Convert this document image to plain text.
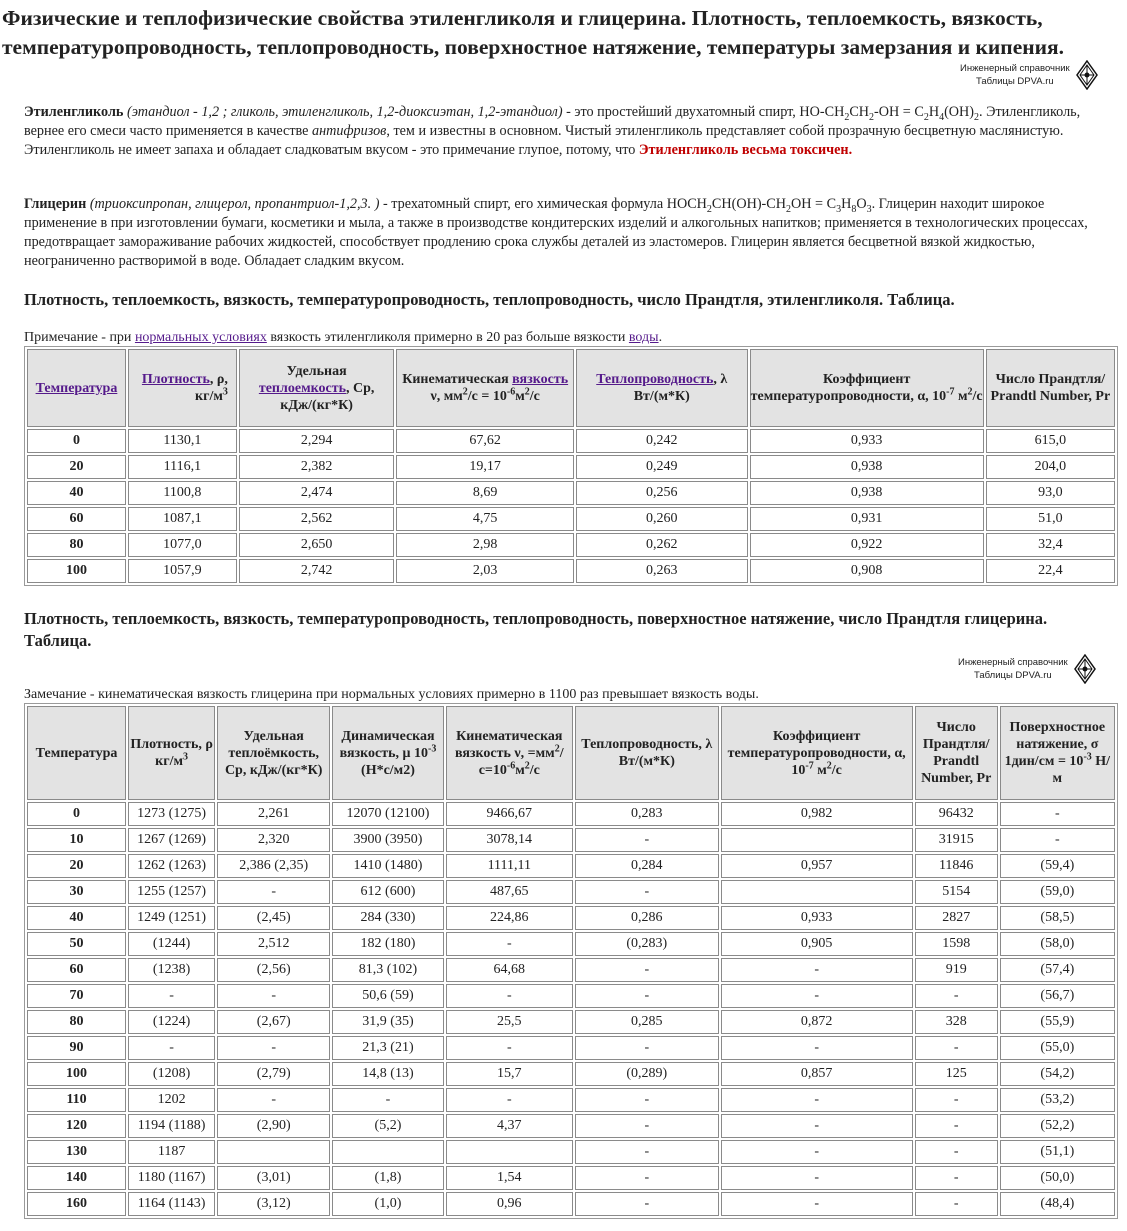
Физические и теплофизические свойства этиленгликоля и глицерина. Плотность, теплоемкость, вязкость, температуропроводность, теплопроводность, поверхностное натяжение, температуры замерзания и кипения.
Инженерный справочник
Таблицы DPVA.ru

Этиленгликоль (этандиол - 1,2 ; гликоль, этиленгликоль, 1,2-диоксиэтан, 1,2-этандиол) - это простейший двухатомный спирт, $НО-СН_2СН_2-ОН = С_2Н_4(ОН)_2$. Этиленгликоль, вернее его смеси часто применяется в качестве антифризов, тем и известны в основном. Чистый этиленгликоль представляет собой прозрачную бесцветную маслянистую. Этиленгликоль не имеет запаха и обладает сладковатым вкусом - это примечание глупое, потому, что Этиленгликоль весьма токсичен.

Глицерин (триоксипропан, глицерол, пропантриол-1,2,3. ) - трехатомный спирт, его химическая формула $HOCH_2CH(OH)-CH_2OH = C_3H_8O_3$. Глицерин находит широкое применение в при изготовлении бумаги, косметики и мыла, а также в производстве кондитерских изделий и алкогольных напитков; применяется в технологических процессах, предотвращает замораживание рабочих жидкостей, способствует продлению срока службы деталей из эластомеров. Глицерин является бесцветной вязкой жидкостью, неограниченно растворимой в воде. Обладает сладким вкусом.

Плотность, теплоемкость, вязкость, температуропроводность, теплопроводность, число Прандтля, этиленгликоля. Таблица.
Примечание - при нормальных условиях вязкость этиленгликоля примерно в 20 раз больше вязкости воды.
Температура	Плотность, ρ, $кг/м^3$	Удельная теплоемкость, Cp, кДж/(кг*К)	Кинематическая вязкость ν, $мм^2/с = 10^{-6}м^2/с$	Теплопроводность, λ Вт/(м*К)	Коэффициент температуропроводности, α, $10^{-7}$ $м^2/с$	Число Прандтля/ Prandtl Number, Pr
0	1130,1	2,294	67,62	0,242	0,933	615,0
20	1116,1	2,382	19,17	0,249	0,938	204,0
40	1100,8	2,474	8,69	0,256	0,938	93,0
60	1087,1	2,562	4,75	0,260	0,931	51,0
80	1077,0	2,650	2,98	0,262	0,922	32,4
100	1057,9	2,742	2,03	0,263	0,908	22,4
Плотность, теплоемкость, вязкость, температуропроводность, теплопроводность, поверхностное натяжение, число Прандтля глицерина. Таблица.
Инженерный справочник
Таблицы DPVA.ru
Замечание - кинематическая вязкость глицерина при нормальных условиях примерно в 1100 раз превышает вязкость воды.
Температура	Плотность, ρ $кг/м^3$	Удельная теплоёмкость, Cp, кДж/(кг*К)	Динамическая вязкость, μ $10^{-3}$ (Н*с/м2)	Кинематическая вязкость ν, $=мм^2/с=10^{-6}м^2/с$	Теплопроводность, λ Вт/(м*К)	Коэффициент температуропроводности, α, $10^{-7}$ $м^2/с$	Число Прандтля/ Prandtl Number, Pr	Поверхностное натяжение, σ $1дин/см = 10^{-3}$ Н/м
0	1273 (1275)	2,261	12070 (12100)	9466,67	0,283	0,982	96432	-
10	1267 (1269)	2,320	3900 (3950)	3078,14	-		31915	-
20	1262 (1263)	2,386 (2,35)	1410 (1480)	1111,11	0,284	0,957	11846	(59,4)
30	1255 (1257)	-	612 (600)	487,65	-		5154	(59,0)
40	1249 (1251)	(2,45)	284 (330)	224,86	0,286	0,933	2827	(58,5)
50	(1244)	2,512	182 (180)	-	(0,283)	0,905	1598	(58,0)
60	(1238)	(2,56)	81,3 (102)	64,68	-	-	919	(57,4)
70	-	-	50,6 (59)	-	-	-	-	(56,7)
80	(1224)	(2,67)	31,9 (35)	25,5	0,285	0,872	328	(55,9)
90	-	-	21,3 (21)	-	-	-	-	(55,0)
100	(1208)	(2,79)	14,8 (13)	15,7	(0,289)	0,857	125	(54,2)
110	1202	-	-	-	-	-	-	(53,2)
120	1194 (1188)	(2,90)	(5,2)	4,37	-	-	-	(52,2)
130	1187				-	-	-	(51,1)
140	1180 (1167)	(3,01)	(1,8)	1,54	-	-	-	(50,0)
160	1164 (1143)	(3,12)	(1,0)	0,96	-	-	-	(48,4)
